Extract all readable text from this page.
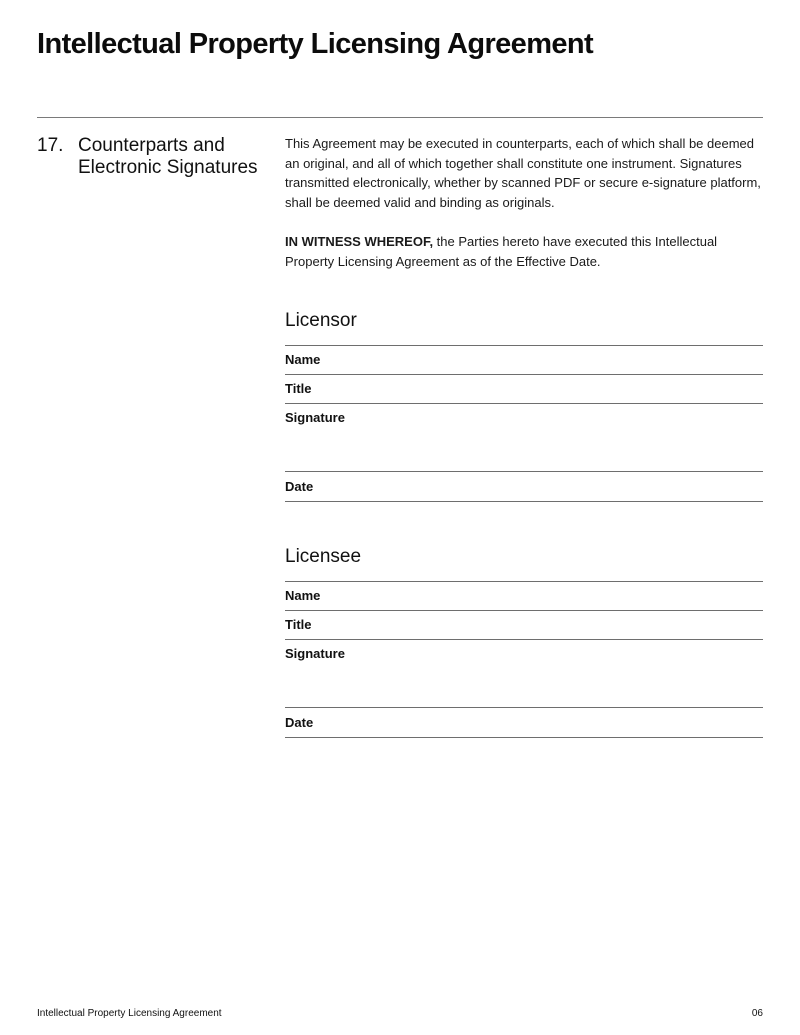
Intellectual Property Licensing Agreement
17. Counterparts and Electronic Signatures

This Agreement may be executed in counterparts, each of which shall be deemed an original, and all of which together shall constitute one instrument. Signatures transmitted electronically, whether by scanned PDF or secure e-signature platform, shall be deemed valid and binding as originals.

IN WITNESS WHEREOF, the Parties hereto have executed this Intellectual Property Licensing Agreement as of the Effective Date.

Licensor
Name
Title
Signature
Date
Licensee
Name
Title
Signature
Date
Intellectual Property Licensing Agreement	06
